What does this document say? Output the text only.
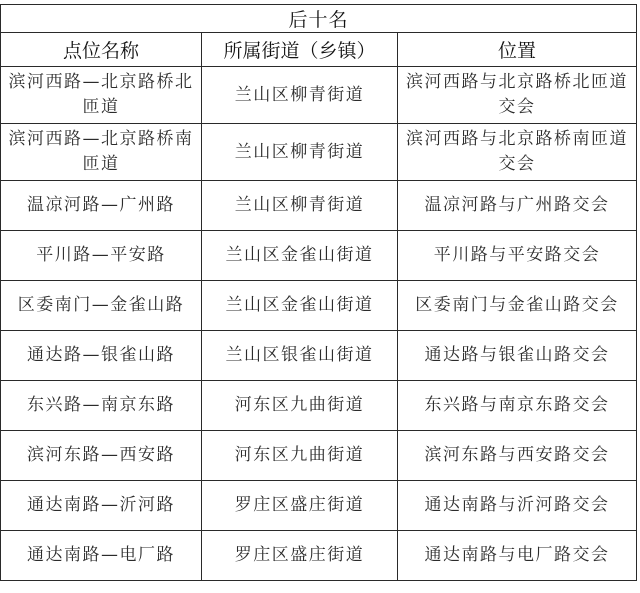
后十名		
点位名称	所属街道（乡镇）	位置
滨河西路—北京路桥北匝道	兰山区柳青街道	滨河西路与北京路桥北匝道交会
滨河西路—北京路桥南匝道	兰山区柳青街道	滨河西路与北京路桥南匝道交会
温凉河路—广州路	兰山区柳青街道	温凉河路与广州路交会
平川路—平安路	兰山区金雀山街道	平川路与平安路交会
区委南门—金雀山路	兰山区金雀山街道	区委南门与金雀山路交会
通达路—银雀山路	兰山区银雀山街道	通达路与银雀山路交会
东兴路—南京东路	河东区九曲街道	东兴路与南京东路交会
滨河东路—西安路	河东区九曲街道	滨河东路与西安路交会
通达南路—沂河路	罗庄区盛庄街道	通达南路与沂河路交会
通达南路—电厂路	罗庄区盛庄街道	通达南路与电厂路交会
